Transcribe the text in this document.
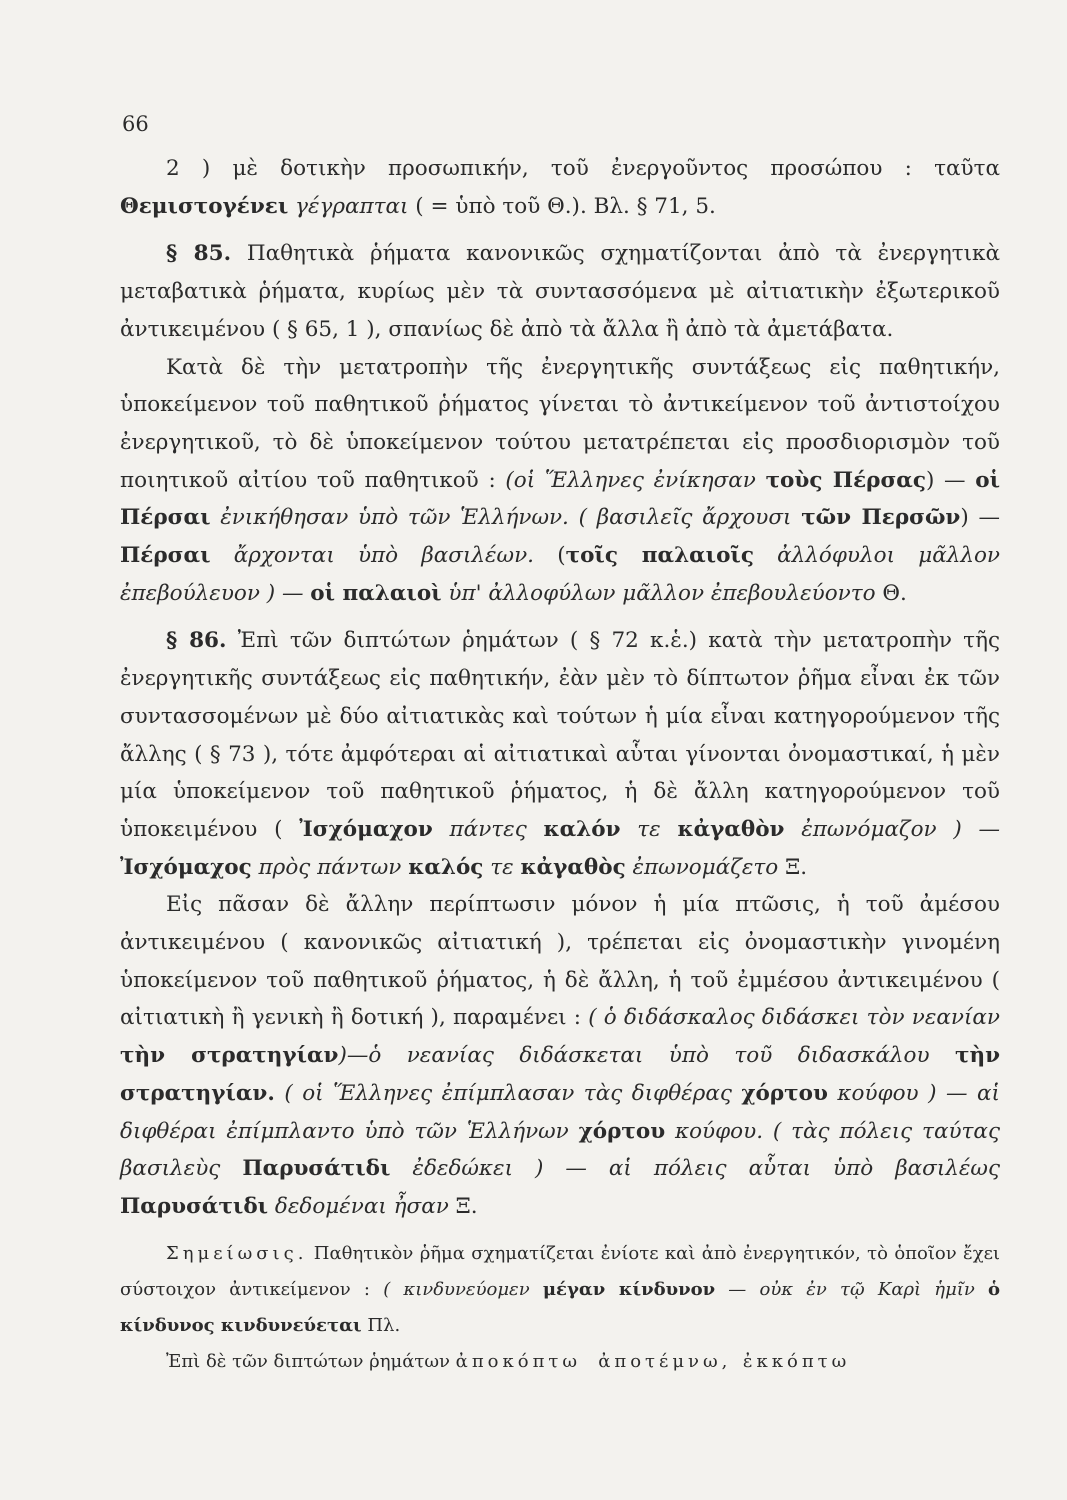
66

2 ) μὲ δοτικὴν προσωπικήν, τοῦ ἐνεργοῦντος προσώπου : ταῦτα Θεμιστογένει γέγραπται ( = ὑπὸ τοῦ Θ.). Βλ. § 71, 5.

§ 85. Παθητικὰ ῥήματα κανονικῶς σχηματίζονται ἀπὸ τὰ ἐνεργητικὰ μεταβατικὰ ῥήματα, κυρίως μὲν τὰ συντασσόμενα μὲ αἰτιατικὴν ἐξωτερικοῦ ἀντικειμένου ( § 65, 1 ), σπανίως δὲ ἀπὸ τὰ ἄλλα ἢ ἀπὸ τὰ ἀμετάβατα.

Κατὰ δὲ τὴν μετατροπὴν τῆς ἐνεργητικῆς συντάξεως εἰς παθητικήν, ὑποκείμενον τοῦ παθητικοῦ ῥήματος γίνεται τὸ ἀντικείμενον τοῦ ἀντιστοίχου ἐνεργητικοῦ, τὸ δὲ ὑποκείμενον τούτου μετατρέπεται εἰς προσδιορισμὸν τοῦ ποιητικοῦ αἰτίου τοῦ παθητικοῦ : (οἱ Ἕλληνες ἐνίκησαν τοὺς Πέρσας) — οἱ Πέρσαι ἐνικήθησαν ὑπὸ τῶν Ἑλλήνων. ( βασιλεῖς ἄρχουσι τῶν Περσῶν) — Πέρσαι ἄρχονται ὑπὸ βασιλέων. (τοῖς παλαιοῖς ἀλλόφυλοι μᾶλλον ἐπεβούλευον ) — οἱ παλαιοὶ ὑπ' ἀλλοφύλων μᾶλλον ἐπεβουλεύοντο Θ.

§ 86. Ἐπὶ τῶν διπτώτων ῥημάτων ( § 72 κ.ἑ.) κατὰ τὴν μετατροπὴν τῆς ἐνεργητικῆς συντάξεως εἰς παθητικήν, ἐὰν μὲν τὸ δίπτωτον ῥῆμα εἶναι ἐκ τῶν συντασσομένων μὲ δύο αἰτιατικὰς καὶ τούτων ἡ μία εἶναι κατηγορούμενον τῆς ἄλλης ( § 73 ), τότε ἀμφότεραι αἱ αἰτιατικαὶ αὗται γίνονται ὀνομαστικαί, ἡ μὲν μία ὑποκείμενον τοῦ παθητικοῦ ῥήματος, ἡ δὲ ἄλλη κατηγορούμενον τοῦ ὑποκειμένου ( Ἰσχόμαχον πάντες καλόν τε κἀγαθὸν ἐπωνόμαζον ) —Ἰσχόμαχος πρὸς πάντων καλός τε κἀγαθὸς ἐπωνομάζετο Ξ.

Εἰς πᾶσαν δὲ ἄλλην περίπτωσιν μόνον ἡ μία πτῶσις, ἡ τοῦ ἀμέσου ἀντικειμένου ( κανονικῶς αἰτιατική ), τρέπεται εἰς ὀνομαστικὴν γινομένη ὑποκείμενον τοῦ παθητικοῦ ῥήματος, ἡ δὲ ἄλλη, ἡ τοῦ ἐμμέσου ἀντικειμένου ( αἰτιατικὴ ἢ γενικὴ ἢ δοτική ), παραμένει : ( ὁ διδάσκαλος διδάσκει τὸν νεανίαν τὴν στρατηγίαν)—ὁ νεανίας διδάσκεται ὑπὸ τοῦ διδασκάλου τὴν στρατηγίαν. ( οἱ Ἕλληνες ἐπίμπλασαν τὰς διφθέρας χόρτου κούφου ) — αἱ διφθέραι ἐπίμπλαντο ὑπὸ τῶν Ἑλλήνων χόρτου κούφου. ( τὰς πόλεις ταύτας βασιλεὺς Παρυσάτιδι ἐδεδώκει ) — αἱ πόλεις αὗται ὑπὸ βασιλέως Παρυσάτιδι δεδομέναι ἦσαν Ξ.

Σημείωσις. Παθητικὸν ῥῆμα σχηματίζεται ἐνίοτε καὶ ἀπὸ ἐνεργητικόν, τὸ ὁποῖον ἔχει σύστοιχον ἀντικείμενον : ( κινδυνεύομεν μέγαν κίνδυνον — οὐκ ἐν τῷ Καρὶ ἡμῖν ὁ κίνδυνος κινδυνεύεται Πλ.

Ἐπὶ δὲ τῶν διπτώτων ῥημάτων ἀποκόπτω ἀποτέμνω, ἐκκόπτω
